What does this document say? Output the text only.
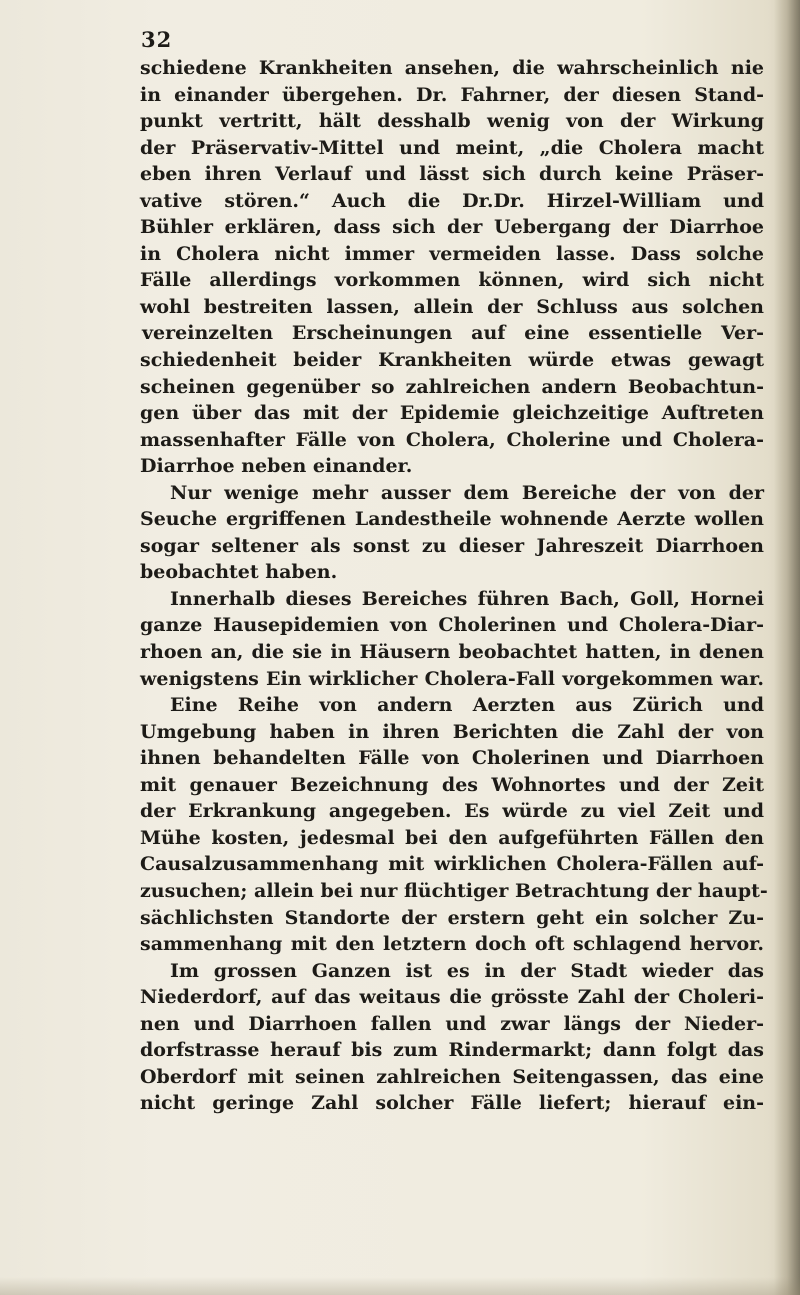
32
schiedene Krankheiten ansehen, die wahrscheinlich nie
in einander übergehen. Dr. Fahrner, der diesen Stand-
punkt vertritt, hält desshalb wenig von der Wirkung
der Präservativ-Mittel und meint, „die Cholera macht
eben ihren Verlauf und lässt sich durch keine Präser-
vative stören.“ Auch die Dr.Dr. Hirzel-William und
Bühler erklären, dass sich der Uebergang der Diarrhoe
in Cholera nicht immer vermeiden lasse. Dass solche
Fälle allerdings vorkommen können, wird sich nicht
wohl bestreiten lassen, allein der Schluss aus solchen
vereinzelten Erscheinungen auf eine essentielle Ver-
schiedenheit beider Krankheiten würde etwas gewagt
scheinen gegenüber so zahlreichen andern Beobachtun-
gen über das mit der Epidemie gleichzeitige Auftreten
massenhafter Fälle von Cholera, Cholerine und Cholera-
Diarrhoe neben einander.
Nur wenige mehr ausser dem Bereiche der von der
Seuche ergriffenen Landestheile wohnende Aerzte wollen
sogar seltener als sonst zu dieser Jahreszeit Diarrhoen
beobachtet haben.
Innerhalb dieses Bereiches führen Bach, Goll, Hornei
ganze Hausepidemien von Cholerinen und Cholera-Diar-
rhoen an, die sie in Häusern beobachtet hatten, in denen
wenigstens Ein wirklicher Cholera-Fall vorgekommen war.
Eine Reihe von andern Aerzten aus Zürich und
Umgebung haben in ihren Berichten die Zahl der von
ihnen behandelten Fälle von Cholerinen und Diarrhoen
mit genauer Bezeichnung des Wohnortes und der Zeit
der Erkrankung angegeben. Es würde zu viel Zeit und
Mühe kosten, jedesmal bei den aufgeführten Fällen den
Causalzusammenhang mit wirklichen Cholera-Fällen auf-
zusuchen; allein bei nur flüchtiger Betrachtung der haupt-
sächlichsten Standorte der erstern geht ein solcher Zu-
sammenhang mit den letztern doch oft schlagend hervor.
Im grossen Ganzen ist es in der Stadt wieder das
Niederdorf, auf das weitaus die grösste Zahl der Choleri-
nen und Diarrhoen fallen und zwar längs der Nieder-
dorfstrasse herauf bis zum Rindermarkt; dann folgt das
Oberdorf mit seinen zahlreichen Seitengassen, das eine
nicht geringe Zahl solcher Fälle liefert; hierauf ein-
